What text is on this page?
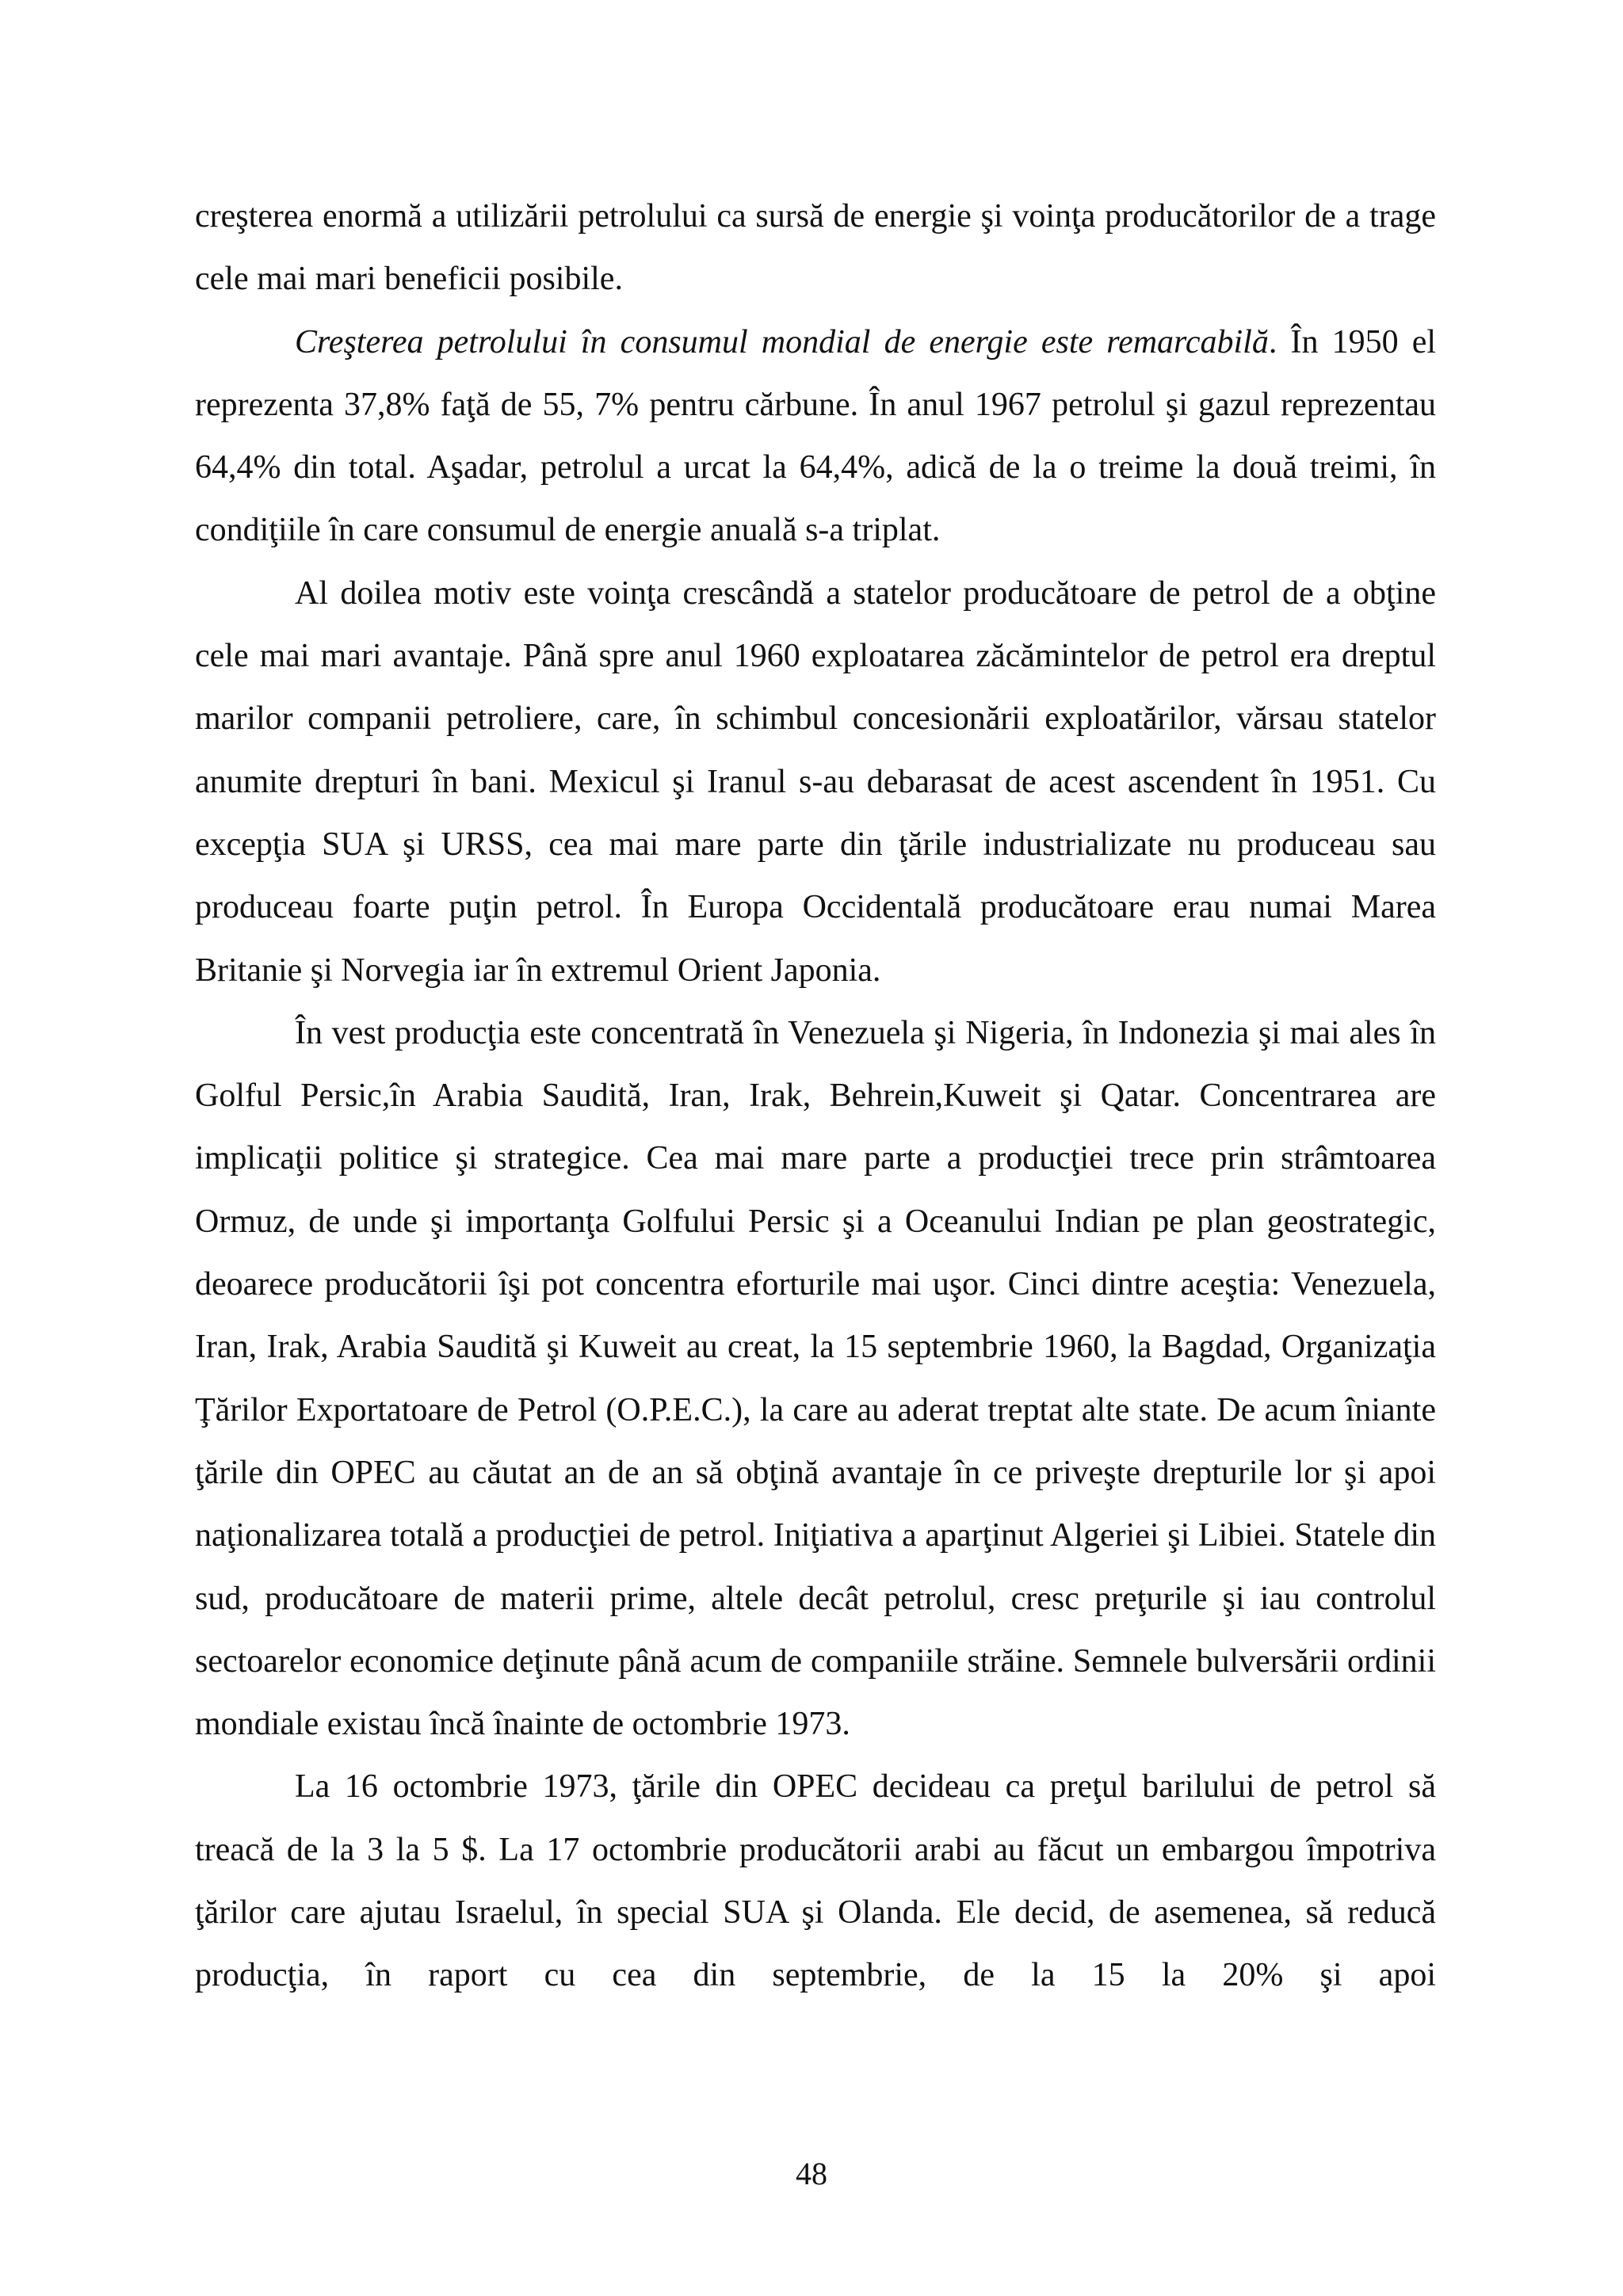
creşterea enormă a utilizării petrolului ca sursă de energie şi voinţa producătorilor de a trage cele mai mari beneficii posibile.

Creşterea petrolului în consumul mondial de energie este remarcabilă. În 1950 el reprezenta 37,8% faţă de 55, 7% pentru cărbune. În anul 1967 petrolul şi gazul reprezentau 64,4% din total. Aşadar, petrolul a urcat la 64,4%, adică de la o treime la două treimi, în condiţiile în care consumul de energie anuală s-a triplat.

Al doilea motiv este voinţa crescândă a statelor producătoare de petrol de a obţine cele mai mari avantaje. Până spre anul 1960 exploatarea zăcămintelor de petrol era dreptul marilor companii petroliere, care, în schimbul concesionării exploatărilor, vărsau statelor anumite drepturi în bani. Mexicul şi Iranul s-au debarasat de acest ascendent în 1951. Cu excepţia SUA şi URSS, cea mai mare parte din ţările industrializate nu produceau sau produceau foarte puţin petrol. În Europa Occidentală producătoare erau numai Marea Britanie şi Norvegia iar în extremul Orient Japonia.

În vest producţia este concentrată în Venezuela şi Nigeria, în Indonezia şi mai ales în Golful Persic,în Arabia Saudită, Iran, Irak, Behrein,Kuweit şi Qatar. Concentrarea are implicaţii politice şi strategice. Cea mai mare parte a producţiei trece prin strâmtoarea Ormuz, de unde şi importanţa Golfului Persic şi a Oceanului Indian pe plan geostrategic, deoarece producătorii îşi pot concentra eforturile mai uşor. Cinci dintre aceştia: Venezuela, Iran, Irak, Arabia Saudită şi Kuweit au creat, la 15 septembrie 1960, la Bagdad, Organizaţia Ţărilor Exportatoare de Petrol (O.P.E.C.), la care au aderat treptat alte state. De acum îniante ţările din OPEC au căutat an de an să obţină avantaje în ce priveşte drepturile lor şi apoi naţionalizarea totală a producţiei de petrol. Iniţiativa a aparţinut Algeriei şi Libiei. Statele din sud, producătoare de materii prime, altele decât petrolul, cresc preţurile şi iau controlul sectoarelor economice deţinute până acum de companiile străine. Semnele bulversării ordinii mondiale existau încă înainte de octombrie 1973.

La 16 octombrie 1973, ţările din OPEC decideau ca preţul barilului de petrol să treacă de la 3 la 5 $. La 17 octombrie producătorii arabi au făcut un embargou împotriva ţărilor care ajutau Israelul, în special SUA şi Olanda. Ele decid, de asemenea, să reducă producţia, în raport cu cea din septembrie, de la 15 la 20% şi apoi

48
